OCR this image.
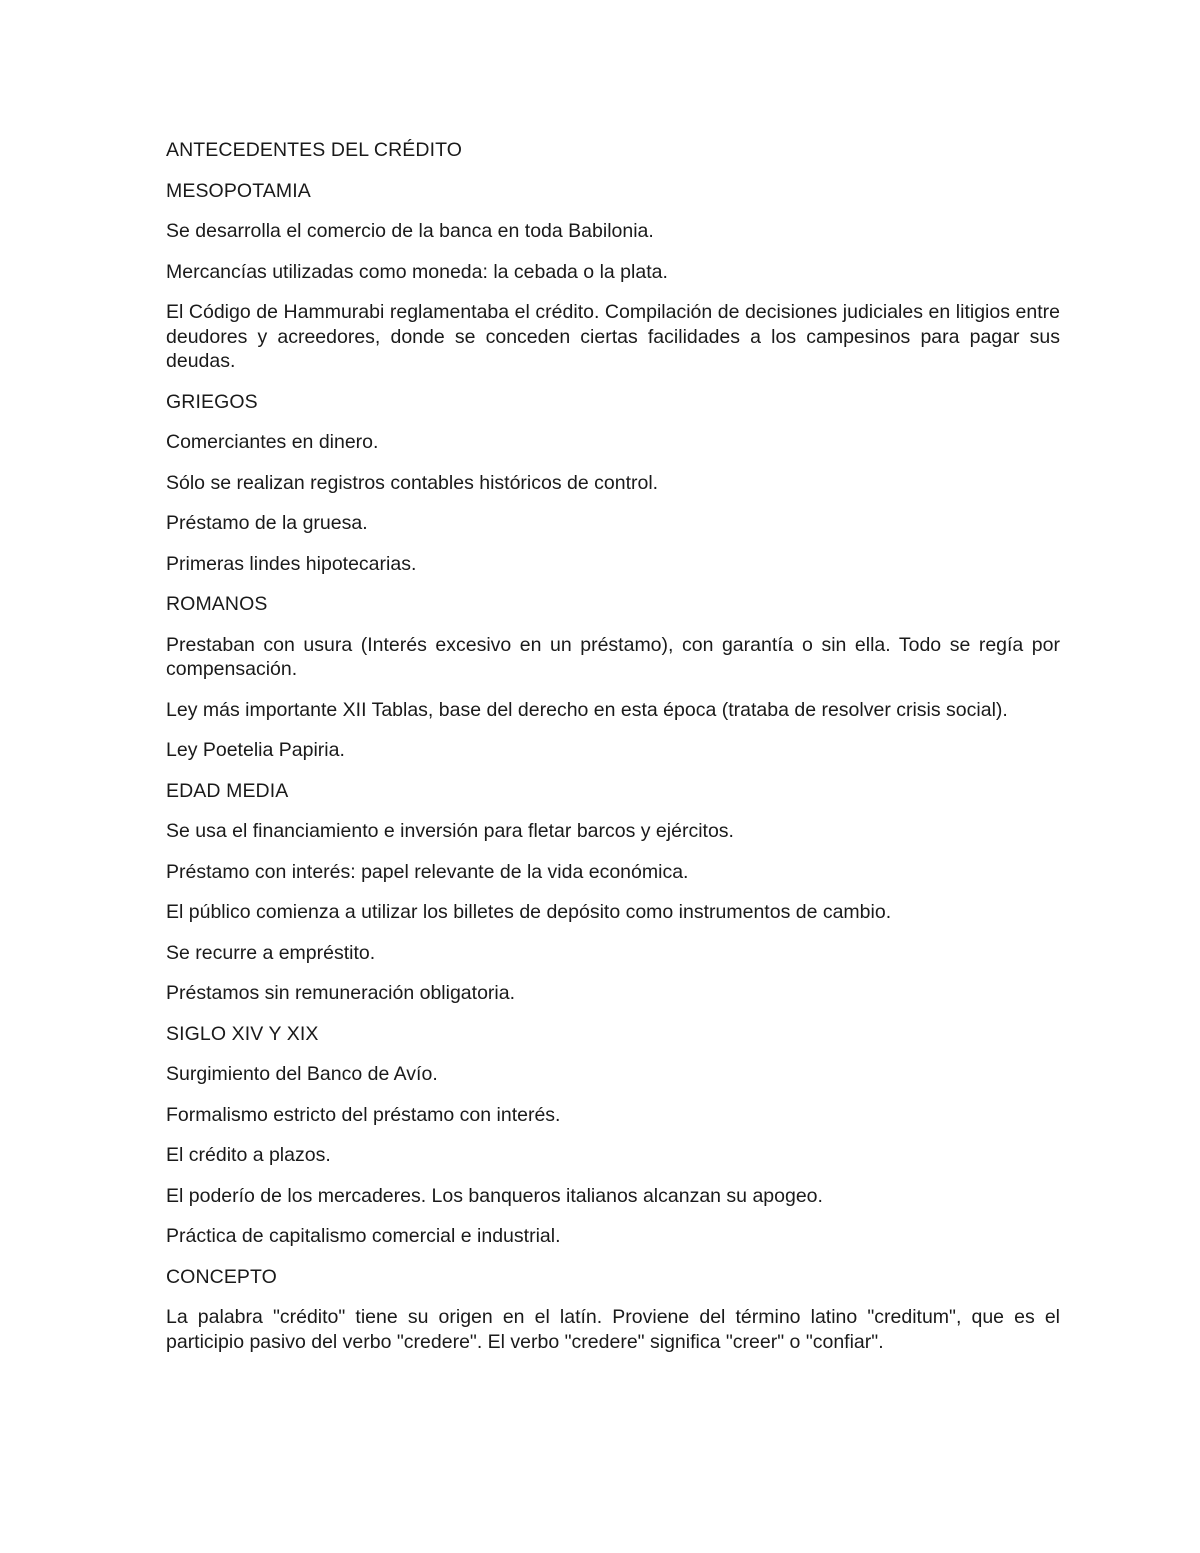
ANTECEDENTES DEL CRÉDITO

MESOPOTAMIA

Se desarrolla el comercio de la banca en toda Babilonia.

Mercancías utilizadas como moneda: la cebada o la plata.

El Código de Hammurabi reglamentaba el crédito. Compilación de decisiones judiciales en litigios entre deudores y acreedores, donde se conceden ciertas facilidades a los campesinos para pagar sus deudas.

GRIEGOS

Comerciantes en dinero.

Sólo se realizan registros contables históricos de control.

Préstamo de la gruesa.

Primeras lindes hipotecarias.

ROMANOS

Prestaban con usura (Interés excesivo en un préstamo), con garantía o sin ella. Todo se regía por compensación.

Ley más importante XII Tablas, base del derecho en esta época (trataba de resolver crisis social).

Ley Poetelia Papiria.

EDAD MEDIA

Se usa el financiamiento e inversión para fletar barcos y ejércitos.

Préstamo con interés: papel relevante de la vida económica.

El público comienza a utilizar los billetes de depósito como instrumentos de cambio.

Se recurre a empréstito.

Préstamos sin remuneración obligatoria.

SIGLO XIV Y XIX

Surgimiento del Banco de Avío.

Formalismo estricto del préstamo con interés.

El crédito a plazos.

El poderío de los mercaderes. Los banqueros italianos alcanzan su apogeo.

Práctica de capitalismo comercial e industrial.

CONCEPTO

La palabra "crédito" tiene su origen en el latín. Proviene del término latino "creditum", que es el participio pasivo del verbo "credere". El verbo "credere" significa "creer" o "confiar".
